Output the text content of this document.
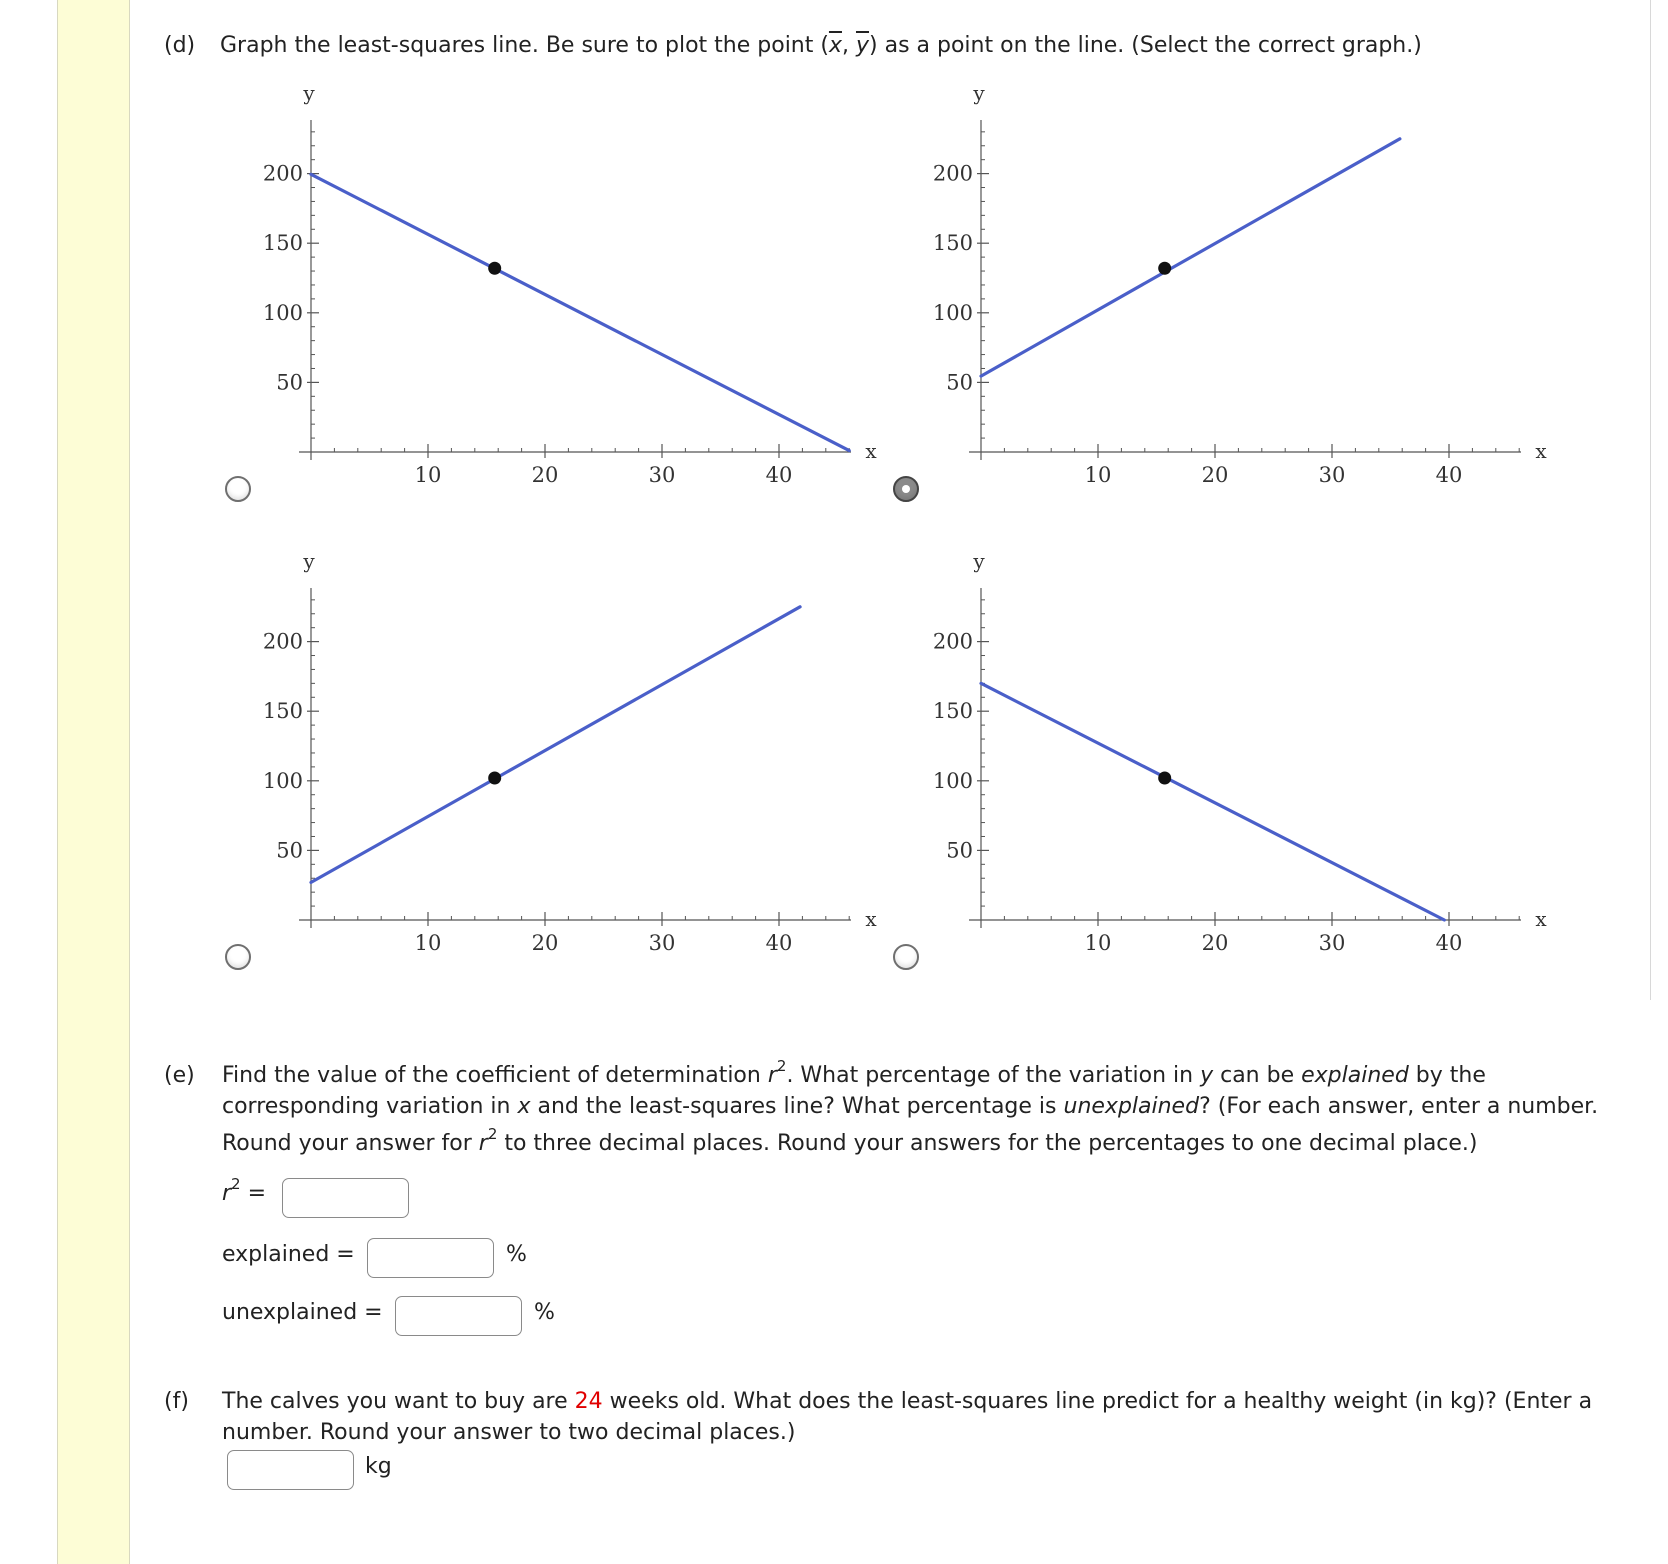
(d) Graph the least-squares line. Be sure to plot the point ($\overline{x}$, $\overline{y}$) as a point on the line. (Select the correct graph.)
10	20	30	40
50
100
150
200
x
y
10	20	30	40
50
100
150
200
x
y
10	20	30	40
50
100
150
200
x
y
10	20	30	40
50
100
150
200
x
y
(e) Find the value of the coefficient of determination $r^2$. What percentage of the variation in y can be explained by the
corresponding variation in x and the least-squares line? What percentage is unexplained? (For each answer, enter a number.
Round your answer for $r^2$ to three decimal places. Round your answers for the percentages to one decimal place.)
$r^2$ =
explained =	%
unexplained =	%
(f) The calves you want to buy are 24 weeks old. What does the least-squares line predict for a healthy weight (in kg)? (Enter a
number. Round your answer to two decimal places.)
kg
